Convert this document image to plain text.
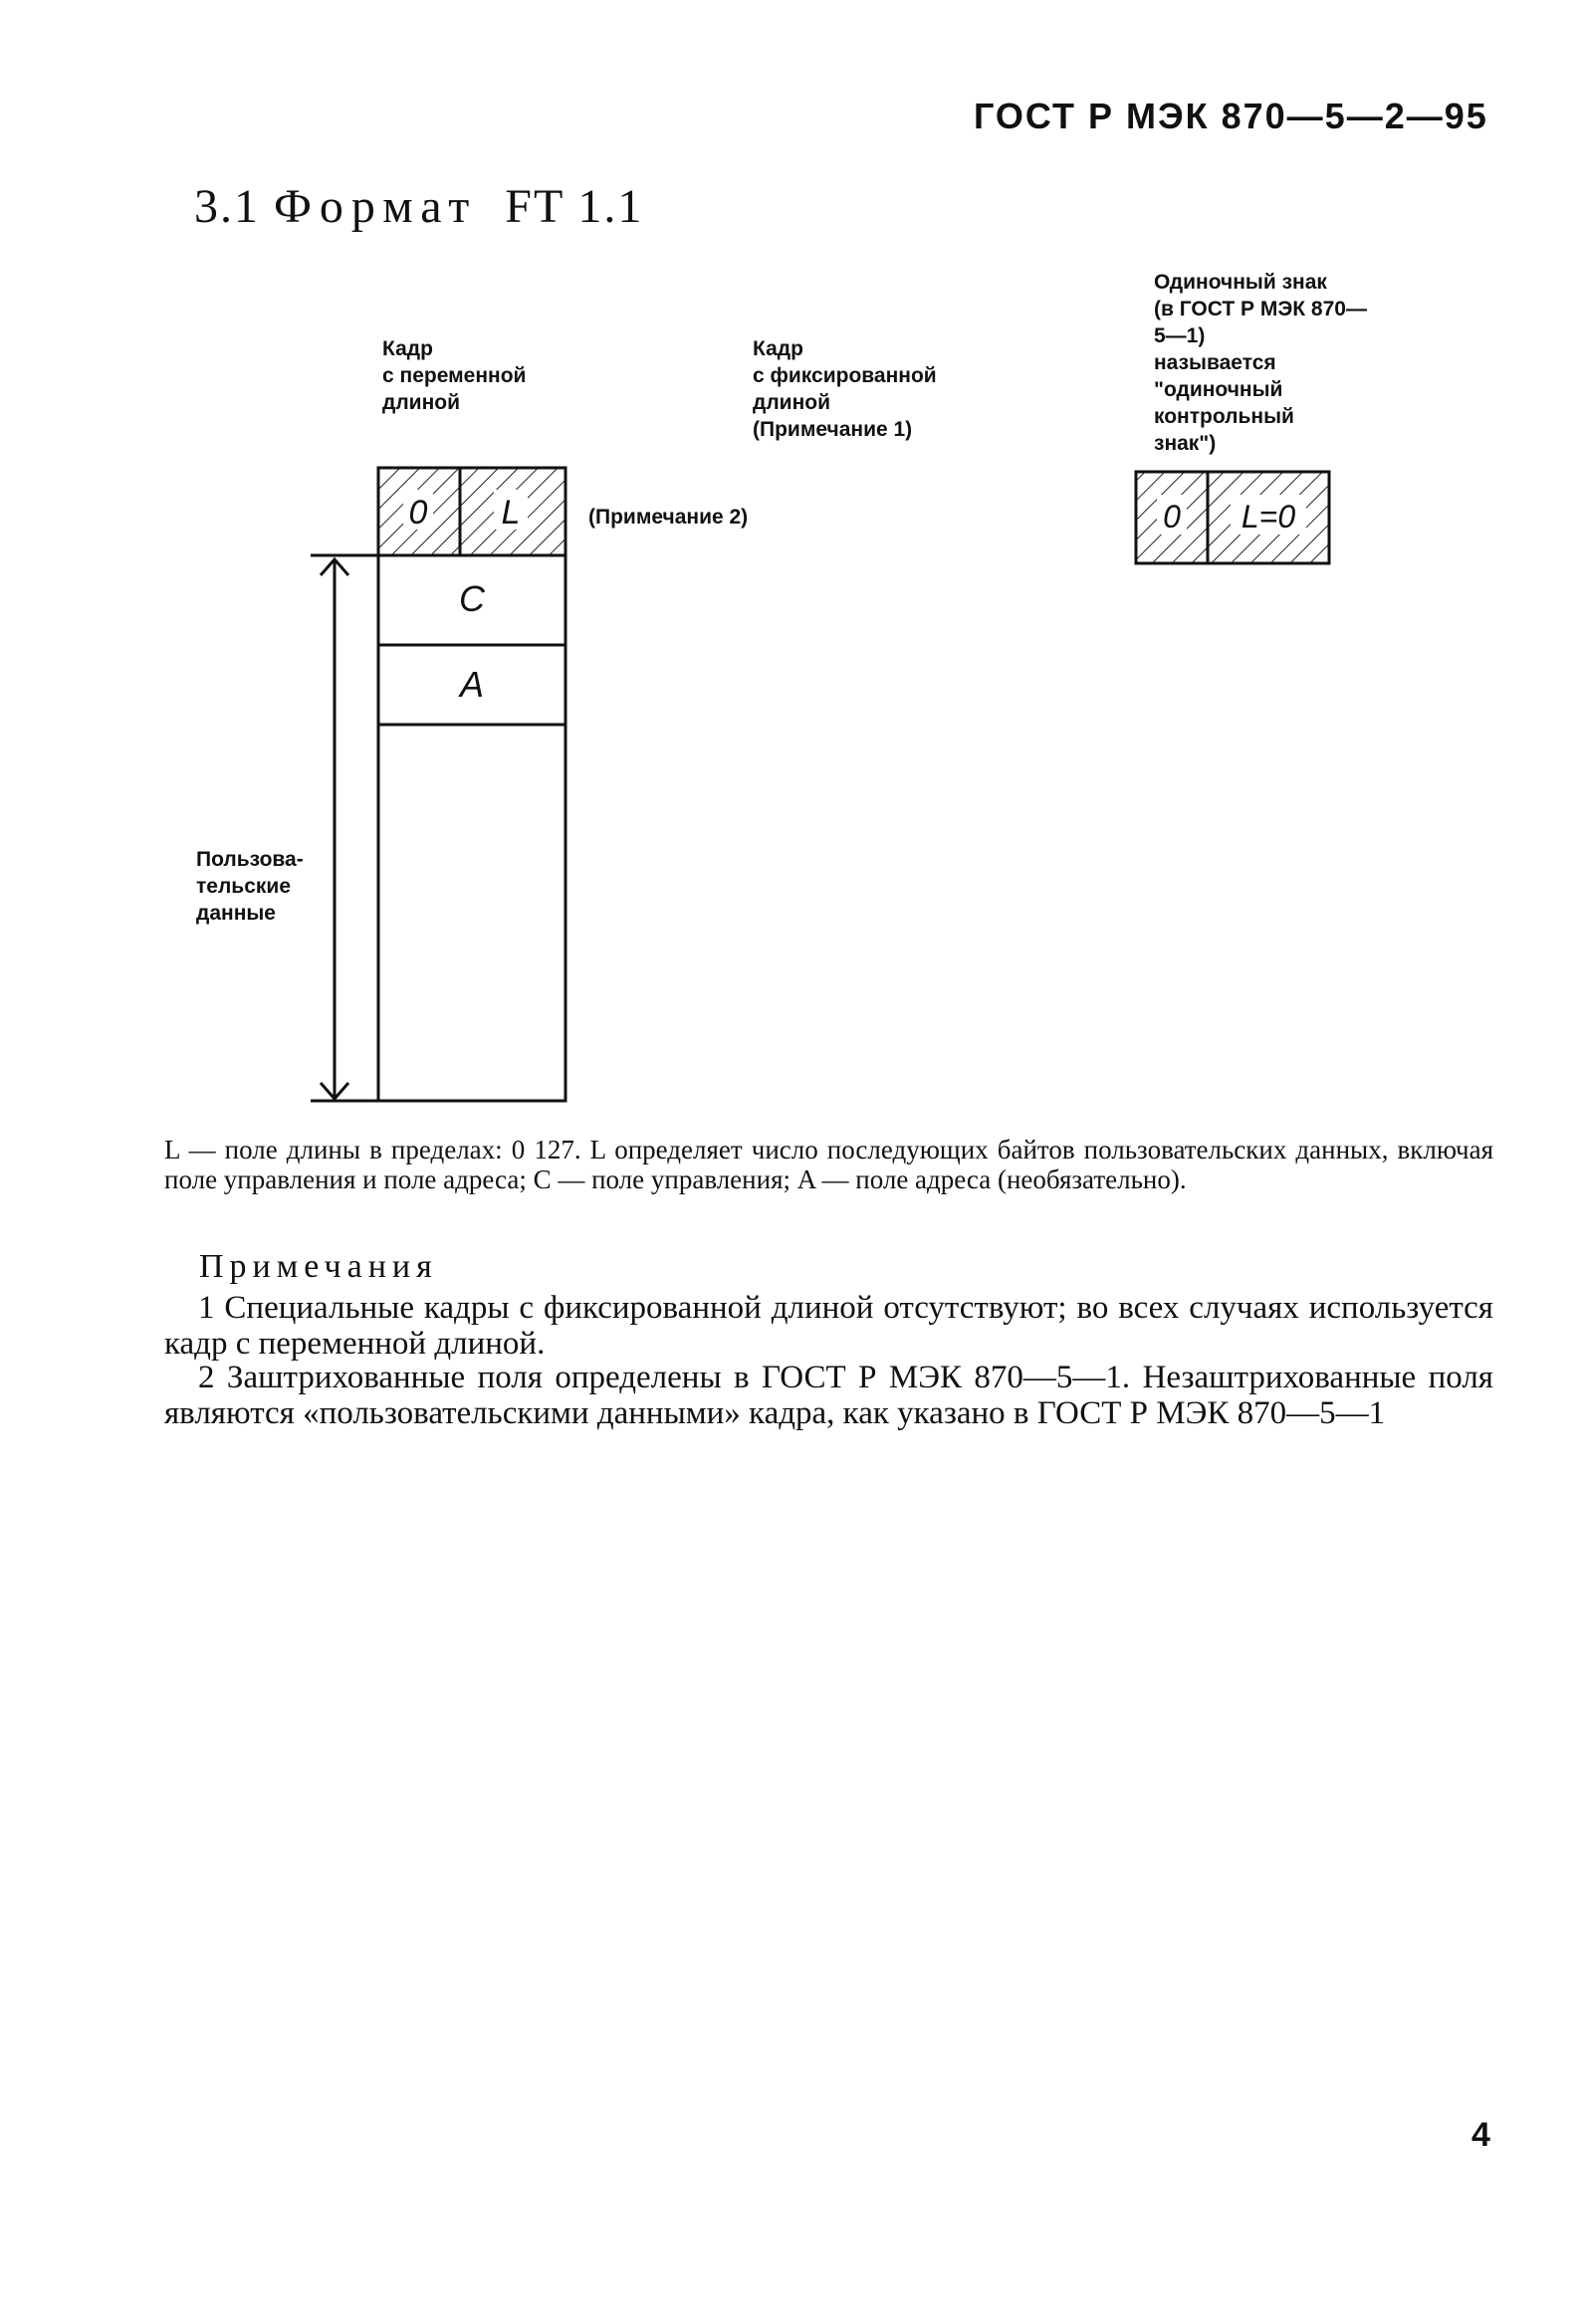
ГОСТ Р МЭК 870—5—2—95
3.1 Формат FT 1.1
Кадр
с переменной
длиной
Кадр
с фиксированной
длиной
(Примечание 1)
Одиночный знак
(в ГОСТ Р МЭК 870—
5—1)
называется
"одиночный
контрольный
знак")
(Примечание 2)
Пользова-
тельские
данные
0 L
C
A
0 L=0
L — поле длины в пределах: 0 127. L определяет число последующих байтов пользовательских данных, включая поле управления и поле адреса; C — поле управления; A — поле адреса (необязательно).
Примечания
1 Специальные кадры с фиксированной длиной отсутствуют; во всех случаях используется кадр с переменной длиной.
2 Заштрихованные поля определены в ГОСТ Р МЭК 870—5—1. Незаштрихованные поля являются «пользовательскими данными» кадра, как указано в ГОСТ Р МЭК 870—5—1
4
